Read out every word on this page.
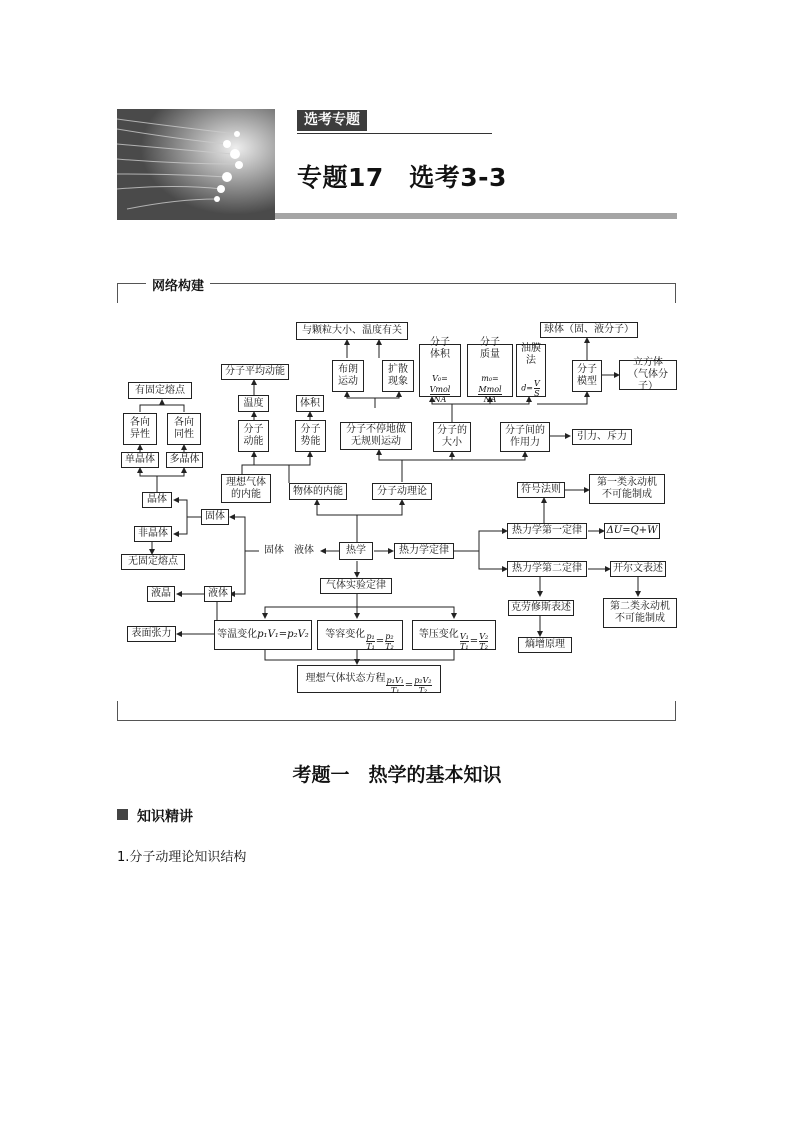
选考专题
专题17　选考3-3
网络构建
与颗粒大小、温度有关
布朗
运动
扩散
现象
分子
体积

V₀=
$\frac{\text{Vmol}}{NA}$

分子
质量

m₀=
$\frac{\text{Mmol}}{NA}$

油膜
法

$d= \frac{V}{S}$

球体（固、液分子）
分子
模型
立方体
（气体分子）
分子平均动能
温度	体积
分子
动能
分子
势能
分子不停地做
无规则运动
分子的
大小
分子间的
作用力
引力、斥力
有固定熔点
各向
异性
各向
同性
单晶体	多晶体
理想气体
的内能	物体的内能	分子动理论
晶体
固体
非晶体
无固定熔点
固体　液体	热学	热力学定律
液晶	液体
表面张力
符号法则
第一类永动机
不可能制成
热力学第一定律	ΔU=Q+W
热力学第二定律	开尔文表述
克劳修斯表述	第二类永动机
不可能制成
熵增原理
气体实验定律
等温变化 p₁V₁=p₂V₂ 等容变化 $\frac{\text{p₁}}{\text{T₁}} = \frac{\text{p₂}}{\text{T₂}}$	等压变化 $\frac{\text{V₁}}{\text{T₁}} = \frac{\text{V₂}}{\text{T₂}}$

理想气体状态方程 $\frac{\text{p₁V₁}}{\text{T₁}} = \frac{\text{p₂V₂}}{\text{T₂}}$

考题一　热学的基本知识
知识精讲
1.分子动理论知识结构
